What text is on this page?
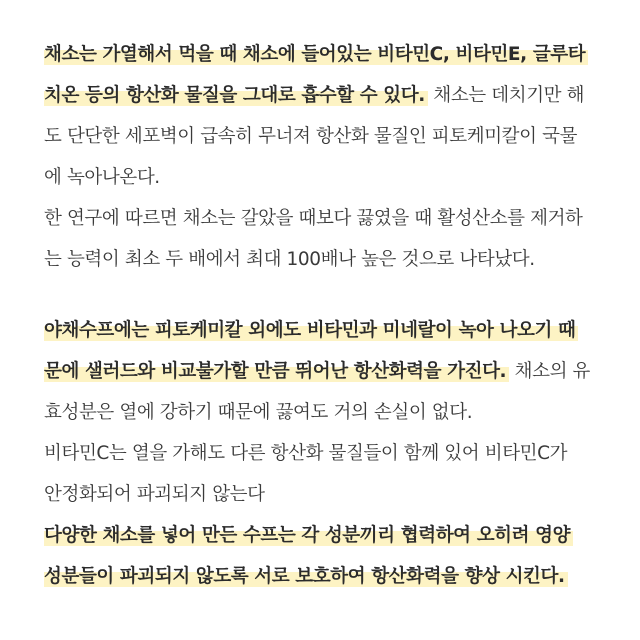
채소는 가열해서 먹을 때 채소에 들어있는 비타민C, 비타민E, 글루타
치온 등의 항산화 물질을 그대로 흡수할 수 있다. 채소는 데치기만 해
도 단단한 세포벽이 급속히 무너져 항산화 물질인 피토케미칼이 국물
에 녹아나온다.
한 연구에 따르면 채소는 갈았을 때보다 끓였을 때 활성산소를 제거하
는 능력이 최소 두 배에서 최대 100배나 높은 것으로 나타났다.
야채수프에는 피토케미칼 외에도 비타민과 미네랄이 녹아 나오기 때
문에 샐러드와 비교불가할 만큼 뛰어난 항산화력을 가진다. 채소의 유
효성분은 열에 강하기 때문에 끓여도 거의 손실이 없다.
비타민C는 열을 가해도 다른 항산화 물질들이 함께 있어 비타민C가
안정화되어 파괴되지 않는다
다양한 채소를 넣어 만든 수프는 각 성분끼리 협력하여 오히려 영양
성분들이 파괴되지 않도록 서로 보호하여 항산화력을 향상 시킨다.
